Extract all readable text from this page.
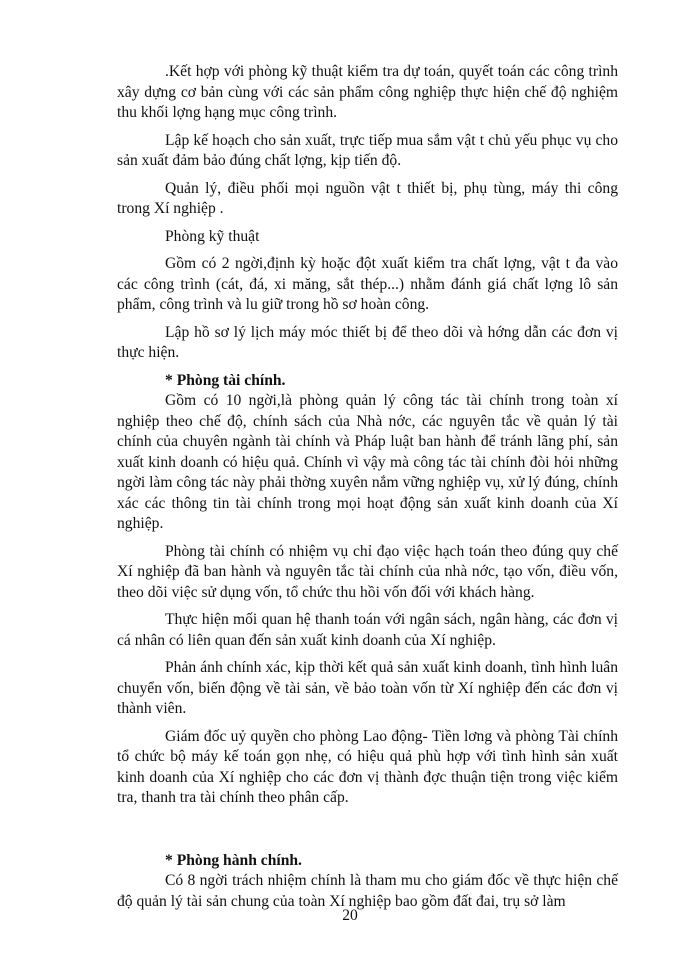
.Kết hợp với phòng kỹ thuật kiểm tra dự toán, quyết toán các công trình xây dựng cơ bản cùng với các sản phẩm công nghiệp thực hiện chế độ nghiệm thu khối lợng hạng mục công trình.

Lập kế hoạch cho sản xuất, trực tiếp mua sắm vật t chủ yếu phục vụ cho sản xuất đảm bảo đúng chất lợng, kịp tiến độ.

Quản lý, điều phối mọi nguồn vật t thiết bị, phụ tùng, máy thi công trong Xí nghiệp .

Phòng kỹ thuật

Gồm có 2 ngời,định kỳ hoặc đột xuất kiểm tra chất lợng, vật t đa vào các công trình (cát, đá, xi măng, sắt thép...) nhằm đánh giá chất lợng lô sản phẩm, công trình và lu giữ trong hồ sơ hoàn công.

Lập hồ sơ lý lịch máy móc thiết bị để theo dõi và hớng dẫn các đơn vị thực hiện.

* Phòng tài chính.

Gồm có 10 ngời,là phòng quản lý công tác tài chính trong toàn xí nghiệp theo chế độ, chính sách của Nhà nớc, các nguyên tắc về quản lý tài chính của chuyên ngành tài chính và Pháp luật ban hành để tránh lãng phí, sản xuất kinh doanh có hiệu quả. Chính vì vậy mà công tác tài chính đòi hỏi những ngời làm công tác này phải thờng xuyên nắm vững nghiệp vụ, xử lý đúng, chính xác các thông tin tài chính trong mọi hoạt động sản xuất kinh doanh của Xí nghiệp.

Phòng tài chính có nhiệm vụ chỉ đạo việc hạch toán theo đúng quy chế Xí nghiệp đã ban hành và nguyên tắc tài chính của nhà nớc, tạo vốn, điều vốn, theo dõi việc sử dụng vốn, tổ chức thu hồi vốn đối với khách hàng.

Thực hiện mối quan hệ thanh toán với ngân sách, ngân hàng, các đơn vị cá nhân có liên quan đến sản xuất kinh doanh của Xí nghiệp.

Phản ánh chính xác, kịp thời kết quả sản xuất kinh doanh, tình hình luân chuyển vốn, biến động về tài sản, về bảo toàn vốn từ Xí nghiệp đến các đơn vị thành viên.

Giám đốc uỷ quyền cho phòng Lao động- Tiền lơng và phòng Tài chính tổ chức bộ máy kế toán gọn nhẹ, có hiệu quả phù hợp với tình hình sản xuất kinh doanh của Xí nghiệp cho các đơn vị thành đợc thuận tiện trong việc kiểm tra, thanh tra tài chính theo phân cấp.

* Phòng hành chính.

Có 8 ngời trách nhiệm chính là tham mu cho giám đốc về thực hiện chế độ quản lý tài sản chung của toàn Xí nghiệp bao gồm đất đai, trụ sở làm

20
